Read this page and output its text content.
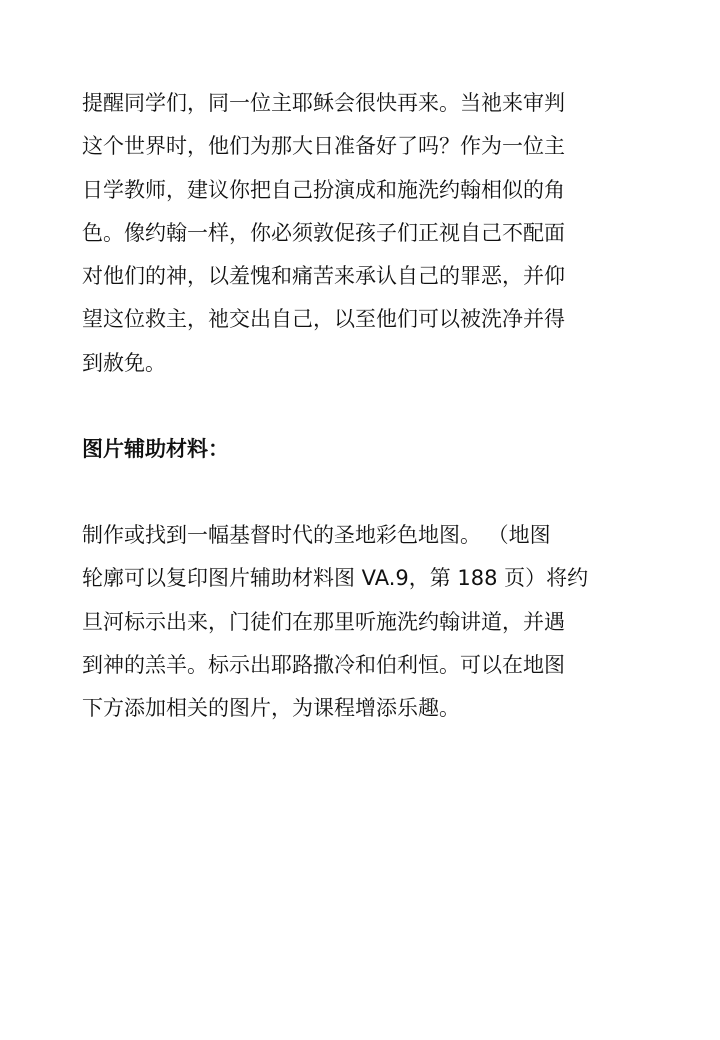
提醒同学们，同一位主耶稣会很快再来。当祂来审判
这个世界时，他们为那大日准备好了吗？作为一位主
日学教师，建议你把自己扮演成和施洗约翰相似的角
色。像约翰一样，你必须敦促孩子们正视自己不配面
对他们的神，以羞愧和痛苦来承认自己的罪恶，并仰
望这位救主，祂交出自己，以至他们可以被洗净并得
到赦免。
图片辅助材料：
制作或找到一幅基督时代的圣地彩色地图。 （地图
轮廓可以复印图片辅助材料图 VA.9，第 188 页）将约
旦河标示出来，门徒们在那里听施洗约翰讲道，并遇
到神的羔羊。标示出耶路撒冷和伯利恒。可以在地图
下方添加相关的图片，为课程增添乐趣。
